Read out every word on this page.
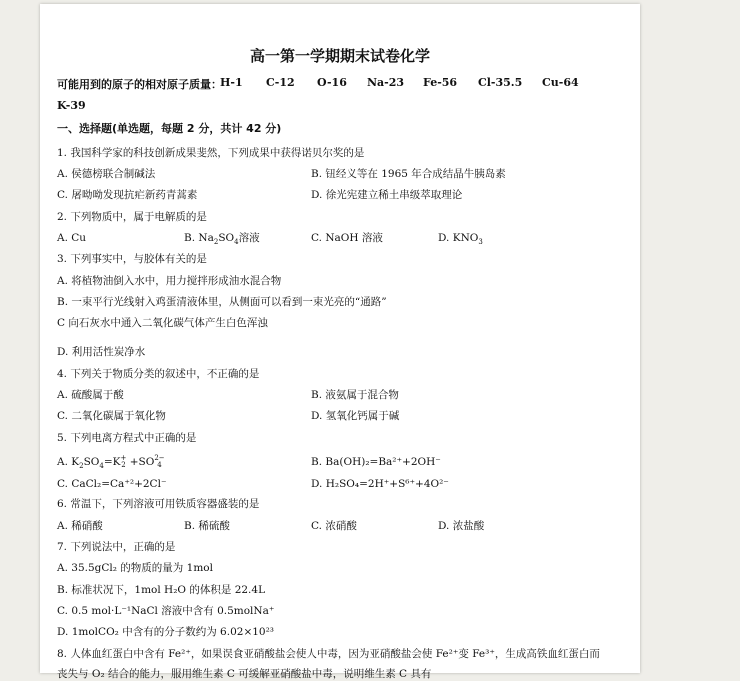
高一第一学期期末试卷化学
可能用到的原子的相对原子质量：
H-1 C-12 O-16 Na-23 Fe-56 Cl-35.5 Cu-64
K-39
一、选择题(单选题，每题 2 分，共计 42 分)
1. 我国科学家的科技创新成果斐然，下列成果中获得诺贝尔奖的是
A. 侯德榜联合制碱法	B. 钮经义等在 1965 年合成结晶牛胰岛素
C. 屠呦呦发现抗疟新药青蒿素	D. 徐光宪建立稀土串级萃取理论
2. 下列物质中，属于电解质的是
A. Cu	B. $Na_2SO_4$溶液	C. NaOH 溶液	D. $KNO_3$
3. 下列事实中，与胶体有关的是
A. 将植物油倒入水中，用力搅拌形成油水混合物
B. 一束平行光线射入鸡蛋清液体里，从侧面可以看到一束光亮的“通路”
C 向石灰水中通入二氧化碳气体产生白色浑浊
D. 利用活性炭净水
4. 下列关于物质分类的叙述中，不正确的是
A. 硫酸属于酸	B. 液氨属于混合物
C. 二氧化碳属于氧化物	D. 氢氧化钙属于碱
5. 下列电离方程式中正确的是
A. $K_2SO_4=K+$
2 +SO2−
4	B. Ba(OH)₂=Ba²⁺+2OH⁻
C. CaCl₂=Ca⁺²+2Cl⁻	D. H₂SO₄=2H⁺+S⁶⁺+4O²⁻
6. 常温下，下列溶液可用铁质容器盛装的是
A. 稀硝酸	B. 稀硫酸	C. 浓硝酸	D. 浓盐酸
7. 下列说法中，正确的是
A. 35.5gCl₂ 的物质的量为 1mol
B. 标准状况下，1mol H₂O 的体积是 22.4L
C. 0.5 mol·L⁻¹NaCl 溶液中含有 0.5molNa⁺
D. 1molCO₂ 中含有的分子数约为 6.02×10²³
8. 人体血红蛋白中含有 Fe²⁺，如果误食亚硝酸盐会使人中毒，因为亚硝酸盐会使 Fe²⁺变 Fe³⁺，生成高铁血红蛋白而
丧失与 O₂ 结合的能力，服用维生素 C 可缓解亚硝酸盐中毒，说明维生素 C 具有
